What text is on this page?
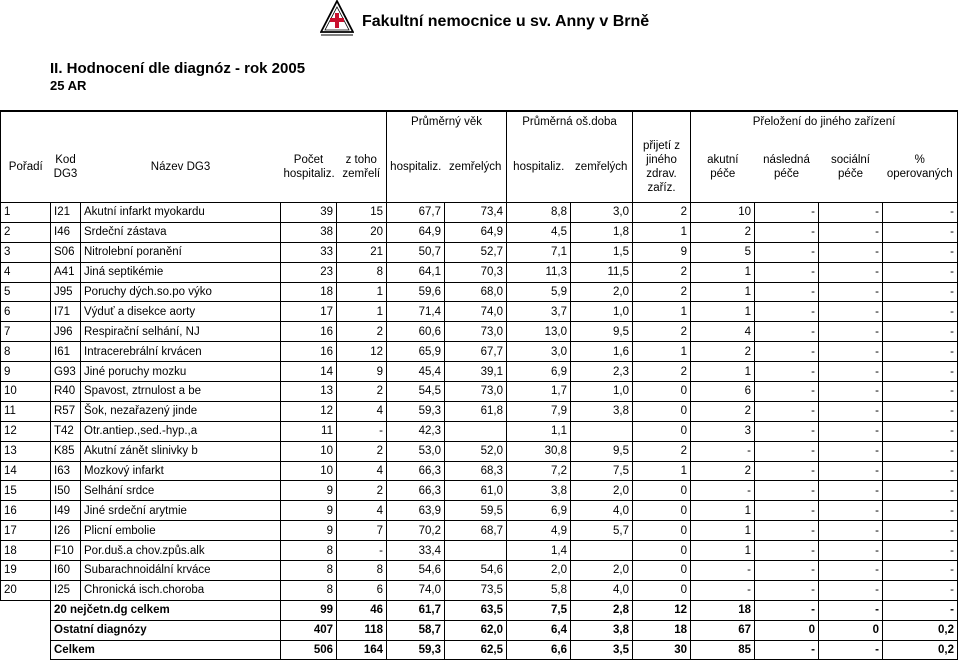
Fakultní nemocnice u sv. Anny v Brně
II. Hodnocení dle diagnóz - rok 2005
25 AR
					Průměrný věk		Průměrná oš.doba			Přeložení do jiného zařízení			
Pořadí	Kod DG3	Název DG3	Počet hospitaliz.	z toho zemřelí	hospitaliz.	zemřelých	hospitaliz.	zemřelých	přijetí z jiného zdrav. zaříz.	akutní péče	následná péče	sociální péče	% operovaných
1	I21	Akutní infarkt myokardu	39	15	67,7	73,4	8,8	3,0	2	10	-	-	-
2	I46	Srdeční zástava	38	20	64,9	64,9	4,5	1,8	1	2	-	-	-
3	S06	Nitrolební poranění	33	21	50,7	52,7	7,1	1,5	9	5	-	-	-
4	A41	Jiná septikémie	23	8	64,1	70,3	11,3	11,5	2	1	-	-	-
5	J95	Poruchy dých.so.po výko	18	1	59,6	68,0	5,9	2,0	2	1	-	-	-
6	I71	Výduť a disekce aorty	17	1	71,4	74,0	3,7	1,0	1	1	-	-	-
7	J96	Respirační selhání, NJ	16	2	60,6	73,0	13,0	9,5	2	4	-	-	-
8	I61	Intracerebrální krvácen	16	12	65,9	67,7	3,0	1,6	1	2	-	-	-
9	G93	Jiné poruchy mozku	14	9	45,4	39,1	6,9	2,3	2	1	-	-	-
10	R40	Spavost, ztrnulost a be	13	2	54,5	73,0	1,7	1,0	0	6	-	-	-
11	R57	Šok, nezařazený jinde	12	4	59,3	61,8	7,9	3,8	0	2	-	-	-
12	T42	Otr.antiep.,sed.-hyp.,a	11	-	42,3		1,1		0	3	-	-	-
13	K85	Akutní zánět slinivky b	10	2	53,0	52,0	30,8	9,5	2	-	-	-	-
14	I63	Mozkový infarkt	10	4	66,3	68,3	7,2	7,5	1	2	-	-	-
15	I50	Selhání srdce	9	2	66,3	61,0	3,8	2,0	0	-	-	-	-
16	I49	Jiné srdeční arytmie	9	4	63,9	59,5	6,9	4,0	0	1	-	-	-
17	I26	Plicní embolie	9	7	70,2	68,7	4,9	5,7	0	1	-	-	-
18	F10	Por.duš.a chov.způs.alk	8	-	33,4		1,4		0	1	-	-	-
19	I60	Subarachnoidální krváce	8	8	54,6	54,6	2,0	2,0	0	-	-	-	-
20	I25	Chronická isch.choroba	8	6	74,0	73,5	5,8	4,0	0	-	-	-	-
	20 nejčetn.dg celkem		99	46	61,7	63,5	7,5	2,8	12	18	-	-	-
	Ostatní diagnózy		407	118	58,7	62,0	6,4	3,8	18	67	0	0	0,2
	Celkem		506	164	59,3	62,5	6,6	3,5	30	85	-	-	0,2
